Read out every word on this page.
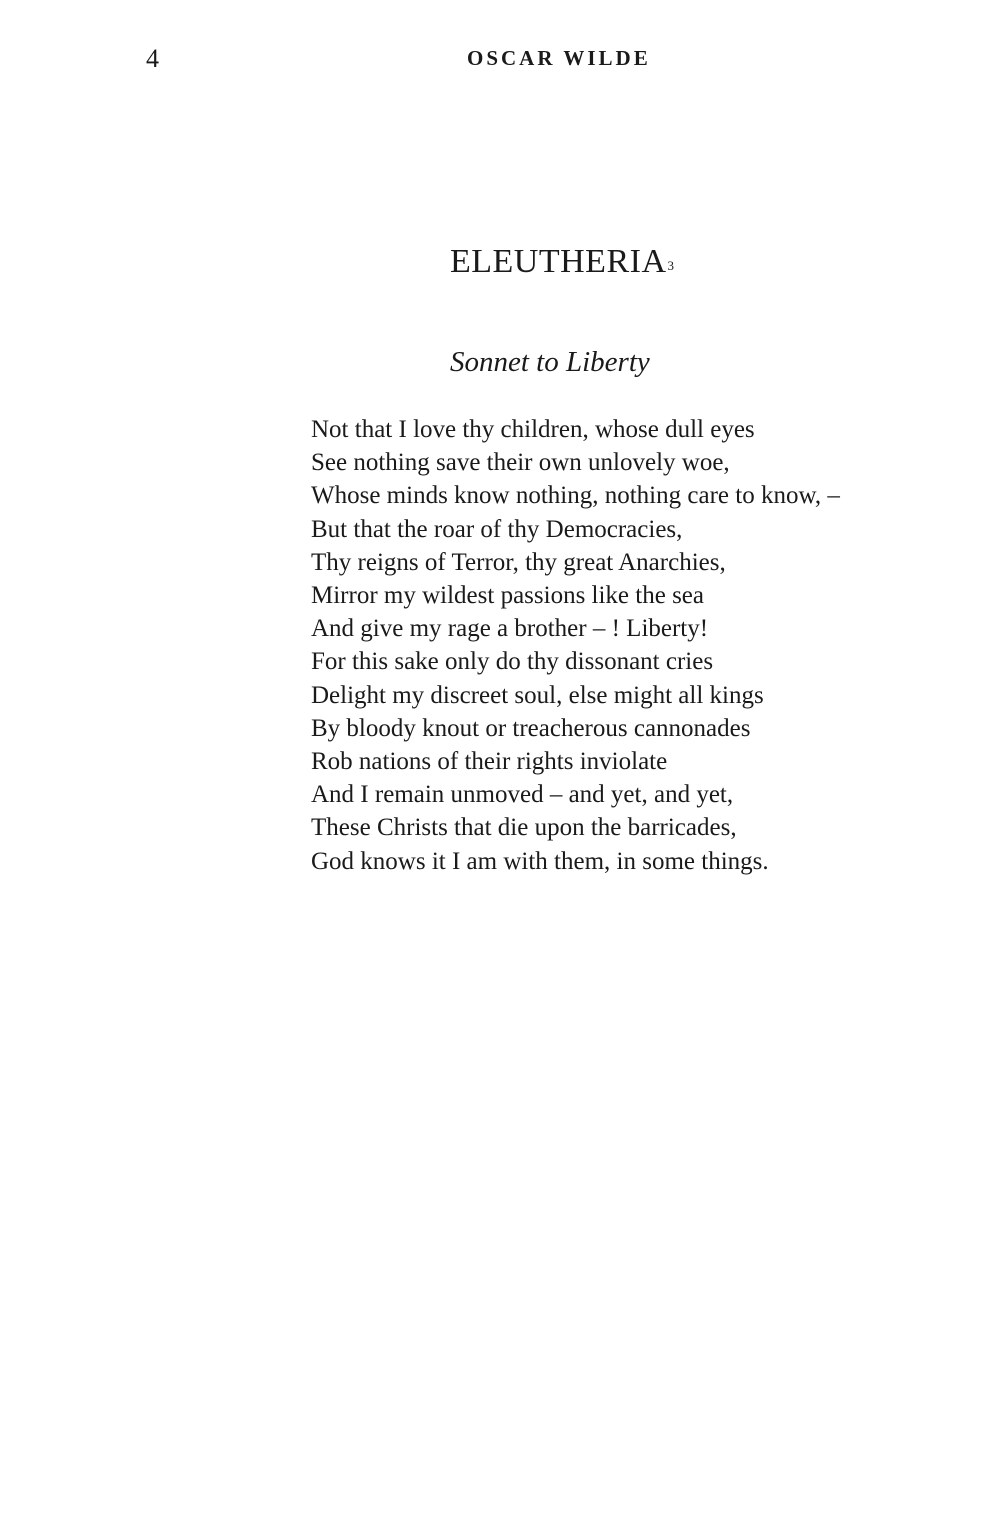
4	OSCAR WILDE
ELEUTHERIA$^3$
Sonnet to Liberty
Not that I love thy children, whose dull eyes
See nothing save their own unlovely woe,
Whose minds know nothing, nothing care to know, –
But that the roar of thy Democracies,
Thy reigns of Terror, thy great Anarchies,
Mirror my wildest passions like the sea
And give my rage a brother – ! Liberty!
For this sake only do thy dissonant cries
Delight my discreet soul, else might all kings
By bloody knout or treacherous cannonades
Rob nations of their rights inviolate
And I remain unmoved – and yet, and yet,
These Christs that die upon the barricades,
God knows it I am with them, in some things.
